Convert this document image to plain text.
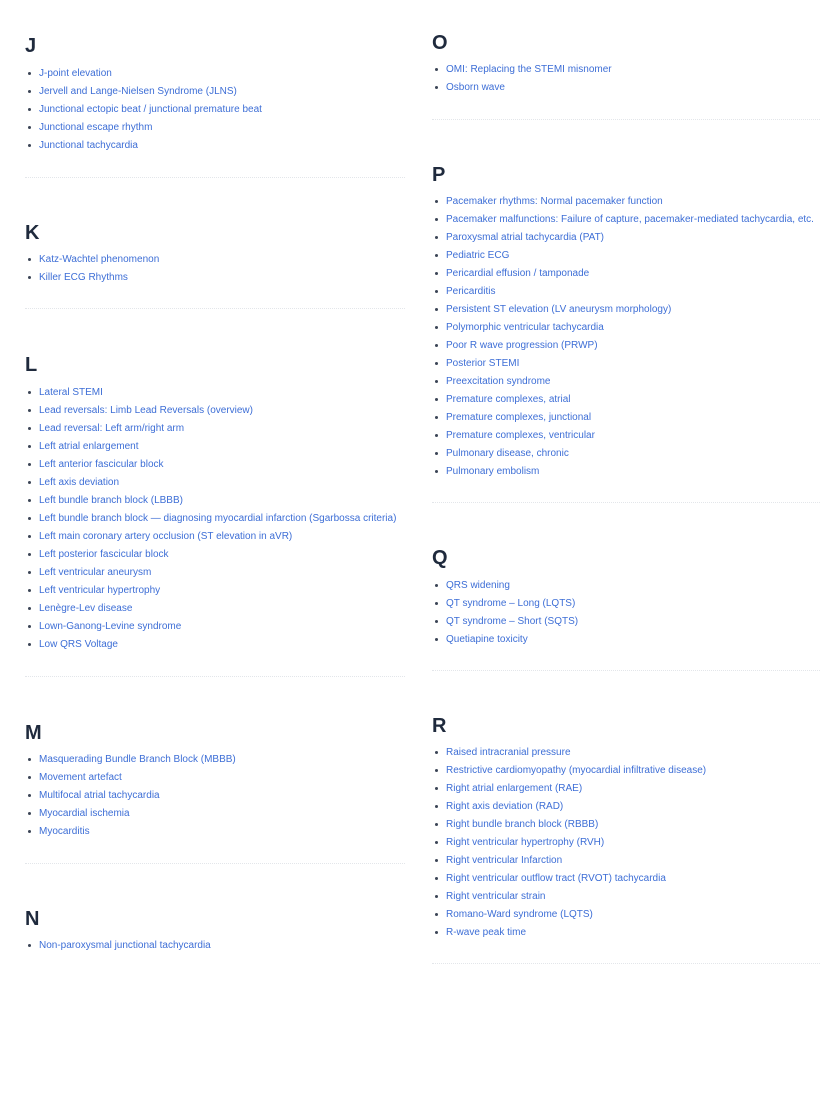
J
J-point elevation
Jervell and Lange-Nielsen Syndrome (JLNS)
Junctional ectopic beat / junctional premature beat
Junctional escape rhythm
Junctional tachycardia
K
Katz-Wachtel phenomenon
Killer ECG Rhythms
L
Lateral STEMI
Lead reversals: Limb Lead Reversals (overview)
Lead reversal: Left arm/right arm
Left atrial enlargement
Left anterior fascicular block
Left axis deviation
Left bundle branch block (LBBB)
Left bundle branch block — diagnosing myocardial infarction (Sgarbossa criteria)
Left main coronary artery occlusion (ST elevation in aVR)
Left posterior fascicular block
Left ventricular aneurysm
Left ventricular hypertrophy
Lenègre-Lev disease
Lown-Ganong-Levine syndrome
Low QRS Voltage
M
Masquerading Bundle Branch Block (MBBB)
Movement artefact
Multifocal atrial tachycardia
Myocardial ischemia
Myocarditis
N
Non-paroxysmal junctional tachycardia
O
OMI: Replacing the STEMI misnomer
Osborn wave
P
Pacemaker rhythms: Normal pacemaker function
Pacemaker malfunctions: Failure of capture, pacemaker-mediated tachycardia, etc.
Paroxysmal atrial tachycardia (PAT)
Pediatric ECG
Pericardial effusion / tamponade
Pericarditis
Persistent ST elevation (LV aneurysm morphology)
Polymorphic ventricular tachycardia
Poor R wave progression (PRWP)
Posterior STEMI
Preexcitation syndrome
Premature complexes, atrial
Premature complexes, junctional
Premature complexes, ventricular
Pulmonary disease, chronic
Pulmonary embolism
Q
QRS widening
QT syndrome – Long (LQTS)
QT syndrome – Short (SQTS)
Quetiapine toxicity
R
Raised intracranial pressure
Restrictive cardiomyopathy (myocardial infiltrative disease)
Right atrial enlargement (RAE)
Right axis deviation (RAD)
Right bundle branch block (RBBB)
Right ventricular hypertrophy (RVH)
Right ventricular Infarction
Right ventricular outflow tract (RVOT) tachycardia
Right ventricular strain
Romano-Ward syndrome (LQTS)
R-wave peak time
